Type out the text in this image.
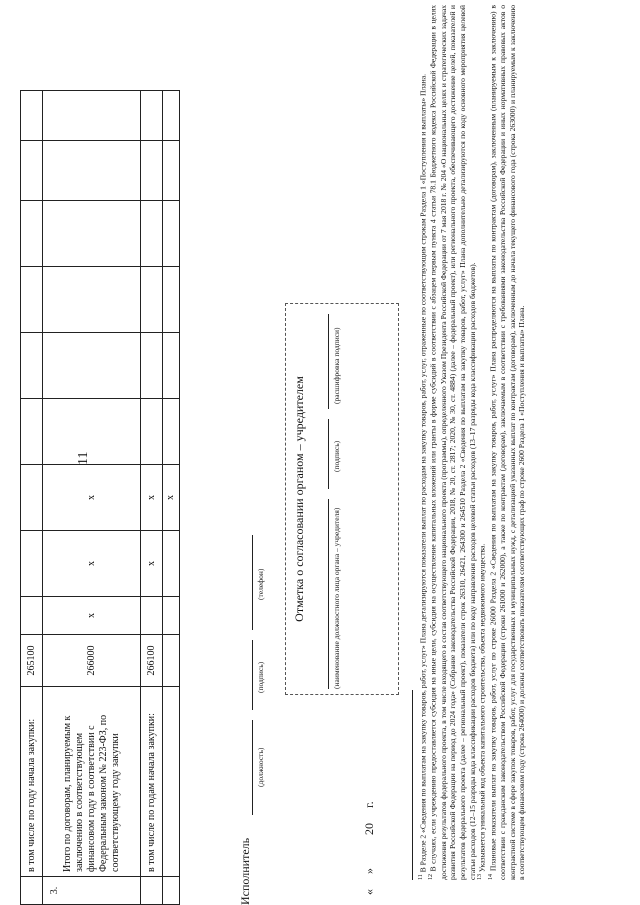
11
	в том числе по году начала закупки:	265100									
3.	Итого по договорам, планируемым к заключению в соответствующем финансовом году в соответствии с Федеральным законом № 223-ФЗ, по соответствующему году закупки	266000	x	x	x						
	в том числе по годам начала закупки:	266100		x	x						
					x						
Исполнитель
(должность)
(подпись)
(телефон) Отметка о согласовании органом – учредителем	(наименование должностного лица органа – учредителя)
(подпись)
(расшифровка подписи)
«     »           20     г.	$^{11}$ В Разделе 2 «Сведения по выплатам на закупку товаров, работ, услуг» Плана детализируются показатели выплат по расходам на закупку товаров, работ, услуг, отраженные по соответствующим строкам Раздела 1 «Поступления и выплаты» Плана.

$^{12}$ В случаях, если учреждению предоставляется субсидия на иные цели, субсидия на осуществление капитальных вложений или гранты в форме субсидий в соответствии с абзацем первым пункта 4 статьи 78.1 Бюджетного кодекса Российской Федерации в целях достижения результатов федерального проекта, в том числе входящего в состав соответствующего национального проекта (программы), определенного Указом Президента Российской Федерации от 7 мая 2018 г. № 204 «О национальных целях и стратегических задачах развития Российской Федерации на период до 2024 года» (Собрание законодательства Российской Федерации, 2018, № 20, ст. 2817; 2020, № 30, ст. 4884) (далее – федеральный проект), или регионального проекта, обеспечивающего достижение целей, показателей и результатов федерального проекта (далее – региональный проект), показатели строк 26310, 26421, 264300 и 264510 Раздела 2 «Сведения по выплатам на закупку товаров, работ, услуг» Плана дополнительно детализируются по коду основного мероприятия целевой статьи расходов (12–15 разряды кода классификации расходов бюджета) или по коду направления расходов целевой статьи расходов (13–17 разряды кода классификации расходов бюджетов). $^{13}$ Указывается уникальный код объекта капитального строительства, объекта недвижимого имущества.

$^{14}$ Плановые показатели выплат на закупку товаров, работ, услуг по строке 26000 Раздела 2 «Сведения по выплатам на закупку товаров, работ, услуг» Плана распределяются на выплаты по контрактам (договорам), заключенным (планируемым к заключению) в соответствии с гражданским законодательством Российской Федерации (строки 261000 и 262000), а также по контрактам (договорам), заключаемым в соответствии с требованиями законодательства Российской Федерации и иных нормативных правовых актов о контрактной системе в сфере закупок товаров, работ, услуг для государственных и муниципальных нужд, с детализацией указанных выплат по контрактам (договорам), заключенным до начала текущего финансового года (строка 263000) и планируемым к заключению в соответствующем финансовом году (строка 264000) и должны соответствовать показателям соответствующих граф по строке 2600 Раздела 1 «Поступления и выплаты» Плана.
